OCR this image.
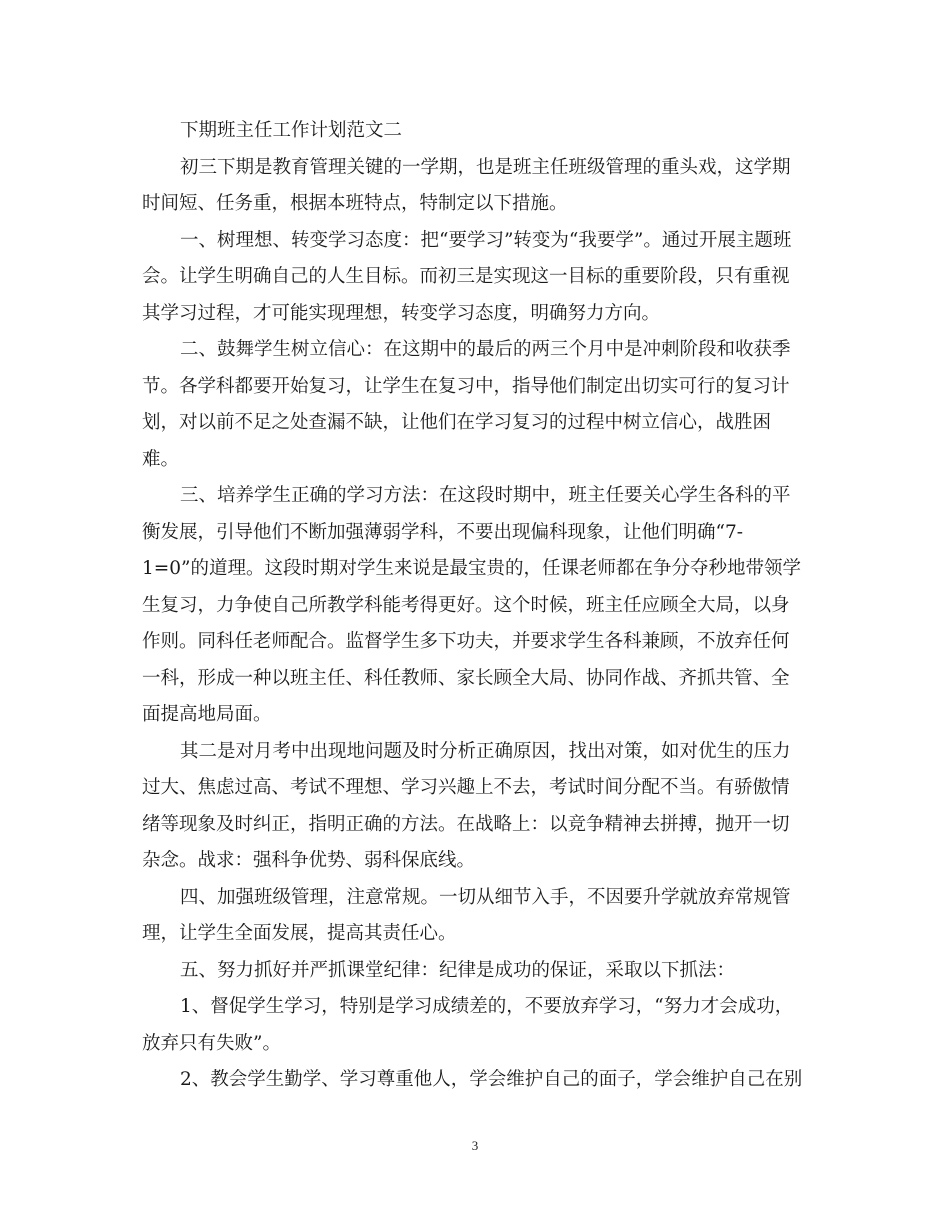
下期班主任工作计划范文二
初三下期是教育管理关键的一学期，也是班主任班级管理的重头戏，这学期
时间短、任务重，根据本班特点，特制定以下措施。
一、树理想、转变学习态度：把“要学习”转变为“我要学”。通过开展主题班
会。让学生明确自己的人生目标。而初三是实现这一目标的重要阶段，只有重视
其学习过程，才可能实现理想，转变学习态度，明确努力方向。
二、鼓舞学生树立信心：在这期中的最后的两三个月中是冲刺阶段和收获季
节。各学科都要开始复习，让学生在复习中，指导他们制定出切实可行的复习计
划，对以前不足之处查漏不缺，让他们在学习复习的过程中树立信心，战胜困
难。
三、培养学生正确的学习方法：在这段时期中，班主任要关心学生各科的平
衡发展，引导他们不断加强薄弱学科，不要出现偏科现象，让他们明确“7-
1=0”的道理。这段时期对学生来说是最宝贵的，任课老师都在争分夺秒地带领学
生复习，力争使自己所教学科能考得更好。这个时候，班主任应顾全大局，以身
作则。同科任老师配合。监督学生多下功夫，并要求学生各科兼顾，不放弃任何
一科，形成一种以班主任、科任教师、家长顾全大局、协同作战、齐抓共管、全
面提高地局面。
其二是对月考中出现地问题及时分析正确原因，找出对策，如对优生的压力
过大、焦虑过高、考试不理想、学习兴趣上不去，考试时间分配不当。有骄傲情
绪等现象及时纠正，指明正确的方法。在战略上：以竞争精神去拼搏，抛开一切
杂念。战求：强科争优势、弱科保底线。
四、加强班级管理，注意常规。一切从细节入手，不因要升学就放弃常规管
理，让学生全面发展，提高其责任心。
五、努力抓好并严抓课堂纪律：纪律是成功的保证，采取以下抓法：
1、督促学生学习，特别是学习成绩差的，不要放弃学习，“努力才会成功，
放弃只有失败”。
2、教会学生勤学、学习尊重他人，学会维护自己的面子，学会维护自己在别
3
